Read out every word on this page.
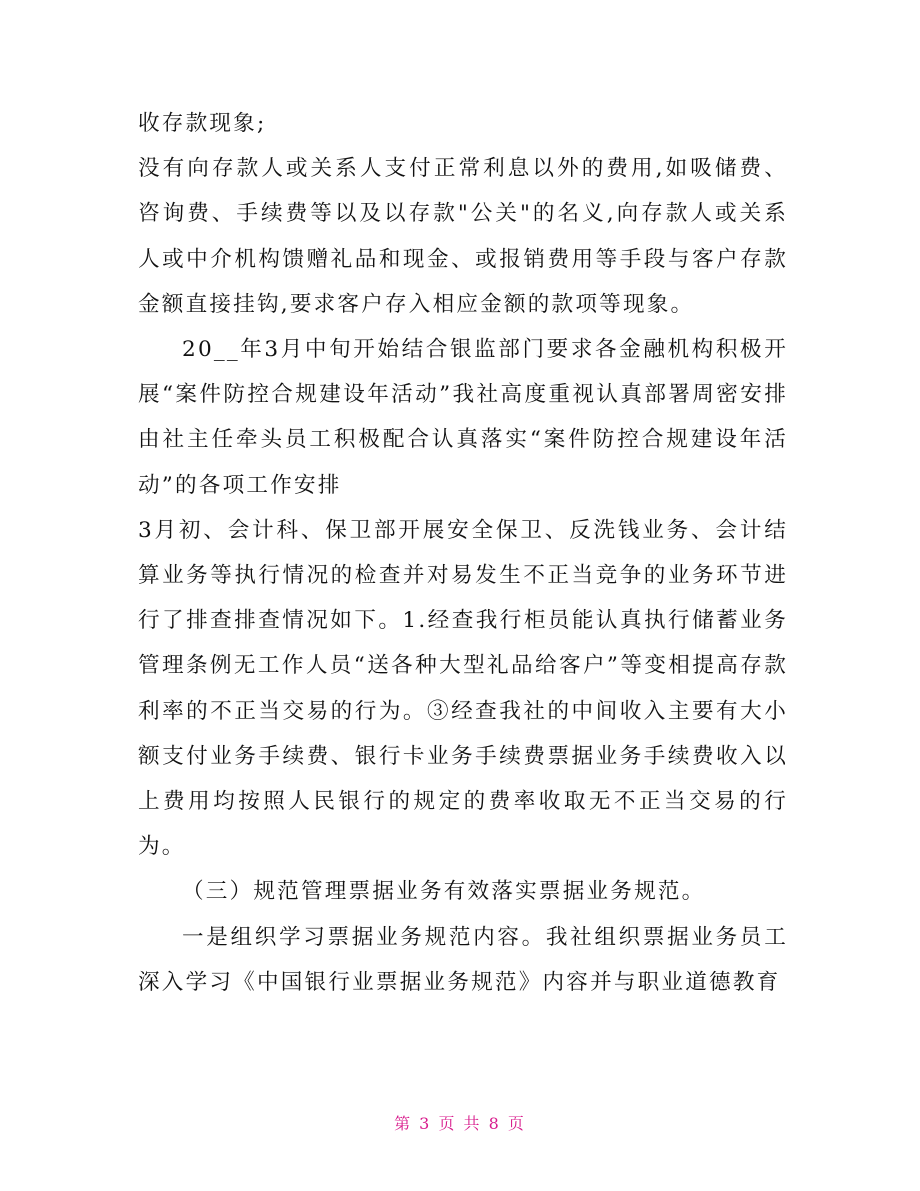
收存款现象;

没有向存款人或关系人支付正常利息以外的费用,如吸储费、咨询费、手续费等以及以存款"公关"的名义,向存款人或关系人或中介机构馈赠礼品和现金、或报销费用等手段与客户存款金额直接挂钩,要求客户存入相应金额的款项等现象。

20__年3月中旬开始结合银监部门要求各金融机构积极开展“案件防控合规建设年活动”我社高度重视认真部署周密安排由社主任牵头员工积极配合认真落实“案件防控合规建设年活动”的各项工作安排

3月初、会计科、保卫部开展安全保卫、反洗钱业务、会计结算业务等执行情况的检查并对易发生不正当竞争的业务环节进行了排查排查情况如下。1.经查我行柜员能认真执行储蓄业务管理条例无工作人员“送各种大型礼品给客户”等变相提高存款利率的不正当交易的行为。③经查我社的中间收入主要有大小额支付业务手续费、银行卡业务手续费票据业务手续费收入以上费用均按照人民银行的规定的费率收取无不正当交易的行为。

（三）规范管理票据业务有效落实票据业务规范。

一是组织学习票据业务规范内容。我社组织票据业务员工深入学习《中国银行业票据业务规范》内容并与职业道德教育

第 3 页 共 8 页
